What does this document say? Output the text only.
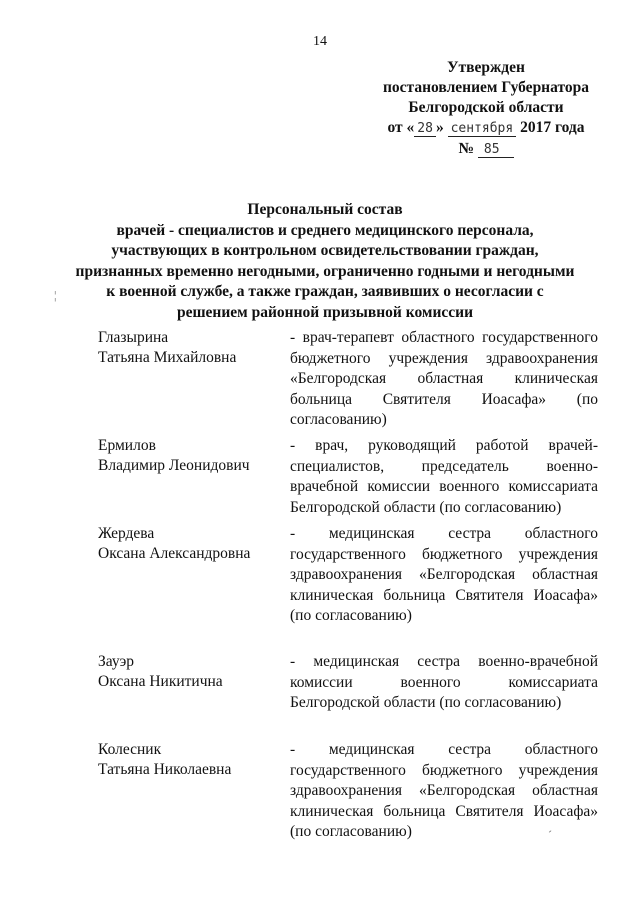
14
Утвержден
постановлением Губернатора
Белгородской области
от « 28 » сентября 2017 года
№ 85
Персональный состав
врачей - специалистов и среднего медицинского персонала, участвующих в контрольном освидетельствовании граждан, признанных временно негодными, ограниченно годными и негодными к военной службе, а также граждан, заявивших о несогласии с решением районной призывной комиссии
Глазырина
Татьяна Михайловна
- врач-терапевт областного государственного бюджетного учреждения здравоохранения «Белгородская областная клиническая больница Святителя Иоасафа» (по согласованию)
Ермилов
Владимир Леонидович
- врач, руководящий работой врачей-специалистов, председатель военно-врачебной комиссии военного комиссариата Белгородской области (по согласованию)
Жердева
Оксана Александровна
- медицинская сестра областного государственного бюджетного учреждения здравоохранения «Белгородская областная клиническая больница Святителя Иоасафа» (по согласованию)
Зауэр
Оксана Никитична
- медицинская сестра военно-врачебной комиссии военного комиссариата Белгородской области (по согласованию)
Колесник
Татьяна Николаевна
- медицинская сестра областного государственного бюджетного учреждения здравоохранения «Белгородская областная клиническая больница Святителя Иоасафа» (по согласованию)
¦
ˊ
